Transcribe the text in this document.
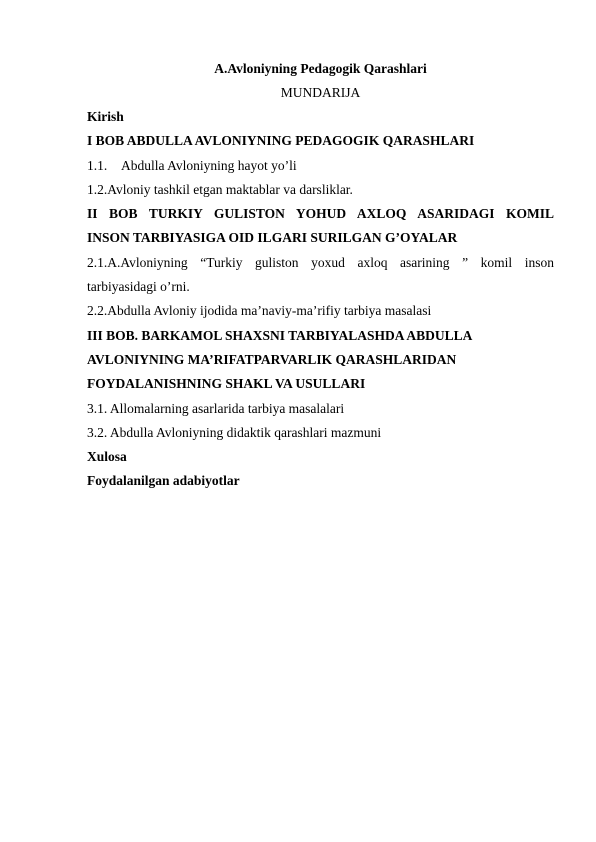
A.Avloniyning Pedagogik Qarashlari
MUNDARIJA
Kirish
I BOB ABDULLA AVLONIYNING PEDAGOGIK QARASHLARI
1.1. Abdulla Avloniyning hayot yo’li
1.2.Avloniy tashkil etgan maktablar va darsliklar.
II BOB TURKIY GULISTON YOHUD AXLOQ ASARIDAGI KOMIL
INSON TARBIYASIGA OID ILGARI SURILGAN G’OYALAR
2.1.A.Avloniyning “Turkiy guliston yoxud axloq asarining ” komil inson
tarbiyasidagi o’rni.
2.2.Abdulla Avloniy ijodida ma’naviy-ma’rifiy tarbiya masalasi
III BOB. BARKAMOL SHAXSNI TARBIYALASHDA ABDULLA
AVLONIYNING MA’RIFATPARVARLIK QARASHLARIDAN
FOYDALANISHNING SHAKL VA USULLARI
3.1. Allomalarning asarlarida tarbiya masalalari
3.2. Abdulla Avloniyning didaktik qarashlari mazmuni
Xulosa
Foydalanilgan adabiyotlar
